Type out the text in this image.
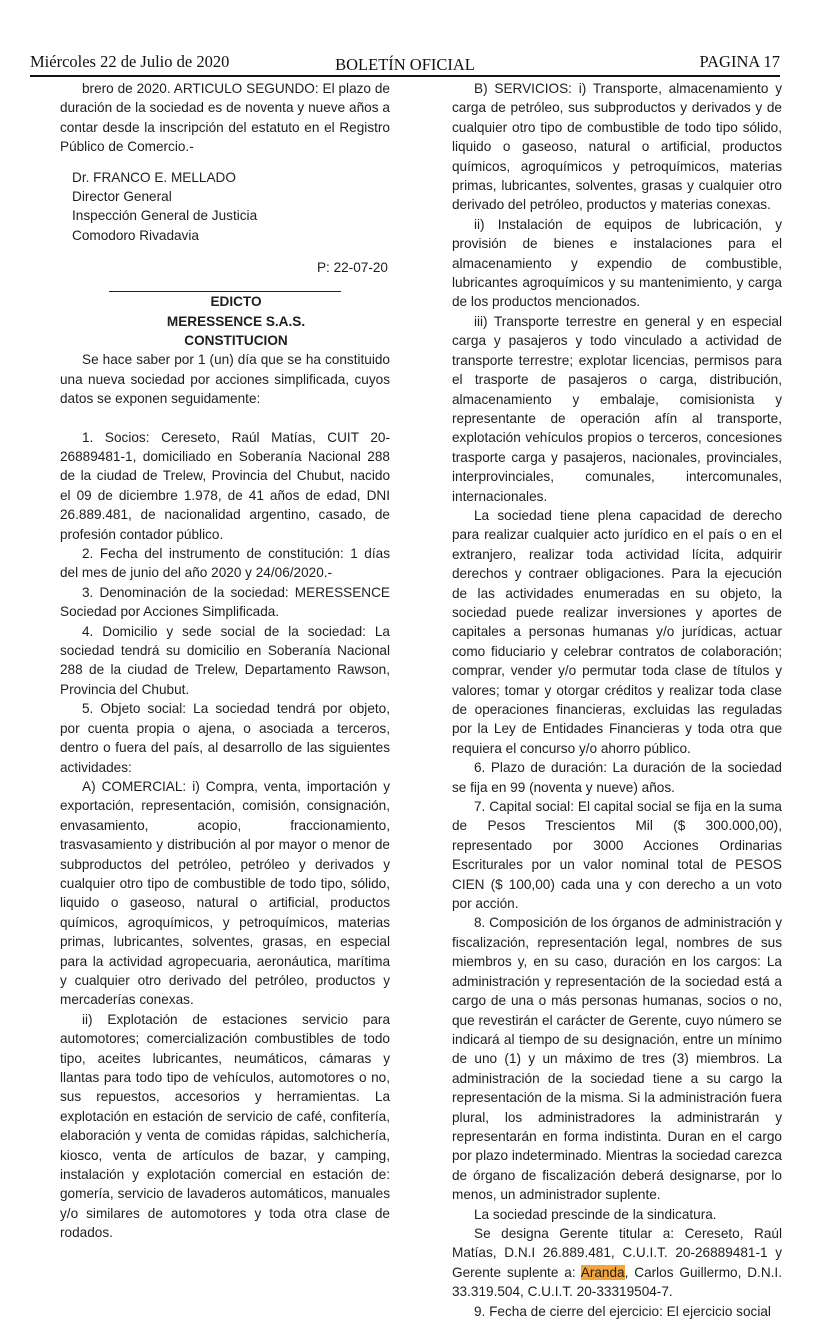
Miércoles 22 de Julio de 2020	BOLETÍN OFICIAL	PAGINA 17

brero de 2020. ARTICULO SEGUNDO: El plazo de duración de la sociedad es de noventa y nueve años a contar desde la inscripción del estatuto en el Registro Público de Comercio.-

Dr. FRANCO E. MELLADO
Director General
Inspección General de Justicia
Comodoro Rivadavia
P: 22-07-20

EDICTO

MERESSENCE S.A.S.

CONSTITUCION

Se hace saber por 1 (un) día que se ha constituido una nueva sociedad por acciones simplificada, cuyos datos se exponen seguidamente:

1. Socios: Cereseto, Raúl Matías, CUIT 20-26889481-1, domiciliado en Soberanía Nacional 288 de la ciudad de Trelew, Provincia del Chubut, nacido el 09 de diciembre 1.978, de 41 años de edad, DNI 26.889.481, de nacionalidad argentino, casado, de profesión contador público.

2. Fecha del instrumento de constitución: 1 días del mes de junio del año 2020 y 24/06/2020.-

3. Denominación de la sociedad: MERESSENCE Sociedad por Acciones Simplificada.

4. Domicilio y sede social de la sociedad: La sociedad tendrá su domicilio en Soberanía Nacional 288 de la ciudad de Trelew, Departamento Rawson, Provincia del Chubut.

5. Objeto social: La sociedad tendrá por objeto, por cuenta propia o ajena, o asociada a terceros, dentro o fuera del país, al desarrollo de las siguientes actividades:

A) COMERCIAL: i) Compra, venta, importación y exportación, representación, comisión, consignación, envasamiento, acopio, fraccionamiento, trasvasamiento y distribución al por mayor o menor de subproductos del petróleo, petróleo y derivados y cualquier otro tipo de combustible de todo tipo, sólido, liquido o gaseoso, natural o artificial, productos químicos, agroquímicos, y petroquímicos, materias primas, lubricantes, solventes, grasas, en especial para la actividad agropecuaria, aeronáutica, marítima y cualquier otro derivado del petróleo, productos y mercaderías conexas.

ii) Explotación de estaciones servicio para automotores; comercialización combustibles de todo tipo, aceites lubricantes, neumáticos, cámaras y llantas para todo tipo de vehículos, automotores o no, sus repuestos, accesorios y herramientas. La explotación en estación de servicio de café, confitería, elaboración y venta de comidas rápidas, salchichería, kiosco, venta de artículos de bazar, y camping, instalación y explotación comercial en estación de: gomería, servicio de lavaderos automáticos, manuales y/o similares de automotores y toda otra clase de rodados.

B) SERVICIOS: i) Transporte, almacenamiento y carga de petróleo, sus subproductos y derivados y de cualquier otro tipo de combustible de todo tipo sólido, liquido o gaseoso, natural o artificial, productos químicos, agroquímicos y petroquímicos, materias primas, lubricantes, solventes, grasas y cualquier otro derivado del petróleo, productos y materias conexas.

ii) Instalación de equipos de lubricación, y provisión de bienes e instalaciones para el almacenamiento y expendio de combustible, lubricantes agroquímicos y su mantenimiento, y carga de los productos mencionados.

iii) Transporte terrestre en general y en especial carga y pasajeros y todo vinculado a actividad de transporte terrestre; explotar licencias, permisos para el trasporte de pasajeros o carga, distribución, almacenamiento y embalaje, comisionista y representante de operación afín al transporte, explotación vehículos propios o terceros, concesiones trasporte carga y pasajeros, nacionales, provinciales, interprovinciales, comunales, intercomunales, internacionales.

La sociedad tiene plena capacidad de derecho para realizar cualquier acto jurídico en el país o en el extranjero, realizar toda actividad lícita, adquirir derechos y contraer obligaciones. Para la ejecución de las actividades enumeradas en su objeto, la sociedad puede realizar inversiones y aportes de capitales a personas humanas y/o jurídicas, actuar como fiduciario y celebrar contratos de colaboración; comprar, vender y/o permutar toda clase de títulos y valores; tomar y otorgar créditos y realizar toda clase de operaciones financieras, excluidas las reguladas por la Ley de Entidades Financieras y toda otra que requiera el concurso y/o ahorro público.

6. Plazo de duración: La duración de la sociedad se fija en 99 (noventa y nueve) años.

7. Capital social: El capital social se fija en la suma de Pesos Trescientos Mil ($ 300.000,00), representado por 3000 Acciones Ordinarias Escriturales por un valor nominal total de PESOS CIEN ($ 100,00) cada una y con derecho a un voto por acción.

8. Composición de los órganos de administración y fiscalización, representación legal, nombres de sus miembros y, en su caso, duración en los cargos: La administración y representación de la sociedad está a cargo de una o más personas humanas, socios o no, que revestirán el carácter de Gerente, cuyo número se indicará al tiempo de su designación, entre un mínimo de uno (1) y un máximo de tres (3) miembros. La administración de la sociedad tiene a su cargo la representación de la misma. Si la administración fuera plural, los administradores la administrarán y representarán en forma indistinta. Duran en el cargo por plazo indeterminado. Mientras la sociedad carezca de órgano de fiscalización deberá designarse, por lo menos, un administrador suplente.

La sociedad prescinde de la sindicatura.

Se designa Gerente titular a: Cereseto, Raúl Matías, D.N.I 26.889.481, C.U.I.T. 20-26889481-1 y Gerente suplente a: Aranda, Carlos Guillermo, D.N.I. 33.319.504, C.U.I.T. 20-33319504-7.

9. Fecha de cierre del ejercicio: El ejercicio social
